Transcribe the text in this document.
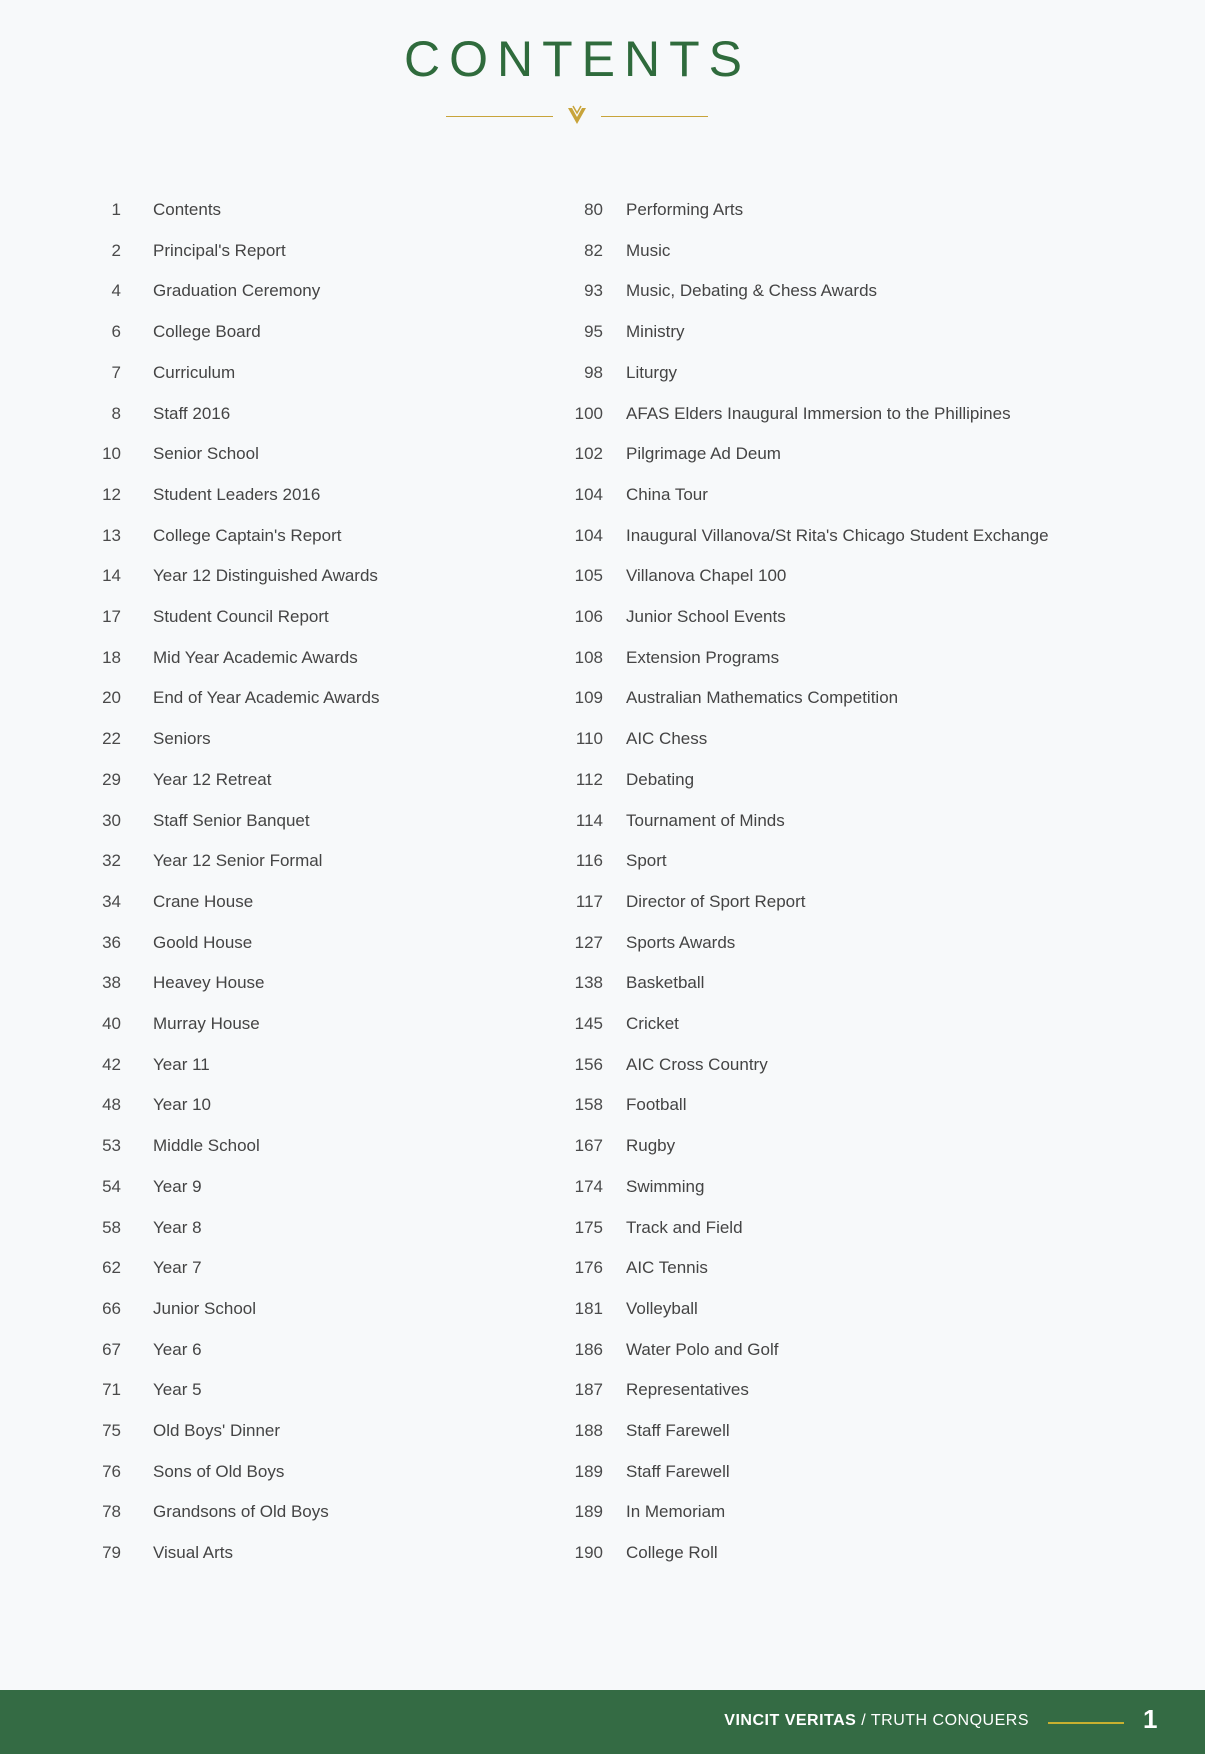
CONTENTS
1 Contents
2 Principal's Report
4 Graduation Ceremony
6 College Board
7 Curriculum
8 Staff 2016
10 Senior School
12 Student Leaders 2016
13 College Captain's Report
14 Year 12 Distinguished Awards
17 Student Council Report
18 Mid Year Academic Awards
20 End of Year Academic Awards
22 Seniors
29 Year 12 Retreat
30 Staff Senior Banquet
32 Year 12 Senior Formal
34 Crane House
36 Goold House
38 Heavey House
40 Murray House
42 Year 11
48 Year 10
53 Middle School
54 Year 9
58 Year 8
62 Year 7
66 Junior School
67 Year 6
71 Year 5
75 Old Boys' Dinner
76 Sons of Old Boys
78 Grandsons of Old Boys
79 Visual Arts
80 Performing Arts
82 Music
93 Music, Debating & Chess Awards
95 Ministry
98 Liturgy
100 AFAS Elders Inaugural Immersion to the Phillipines
102 Pilgrimage Ad Deum
104 China Tour
104 Inaugural Villanova/St Rita's Chicago Student Exchange
105 Villanova Chapel 100
106 Junior School Events
108 Extension Programs
109 Australian Mathematics Competition
110 AIC Chess
112 Debating
114 Tournament of Minds
116 Sport
117 Director of Sport Report
127 Sports Awards
138 Basketball
145 Cricket
156 AIC Cross Country
158 Football
167 Rugby
174 Swimming
175 Track and Field
176 AIC Tennis
181 Volleyball
186 Water Polo and Golf
187 Representatives
188 Staff Farewell
189 Staff Farewell
189 In Memoriam
190 College Roll
VINCIT VERITAS / TRUTH CONQUERS	1
